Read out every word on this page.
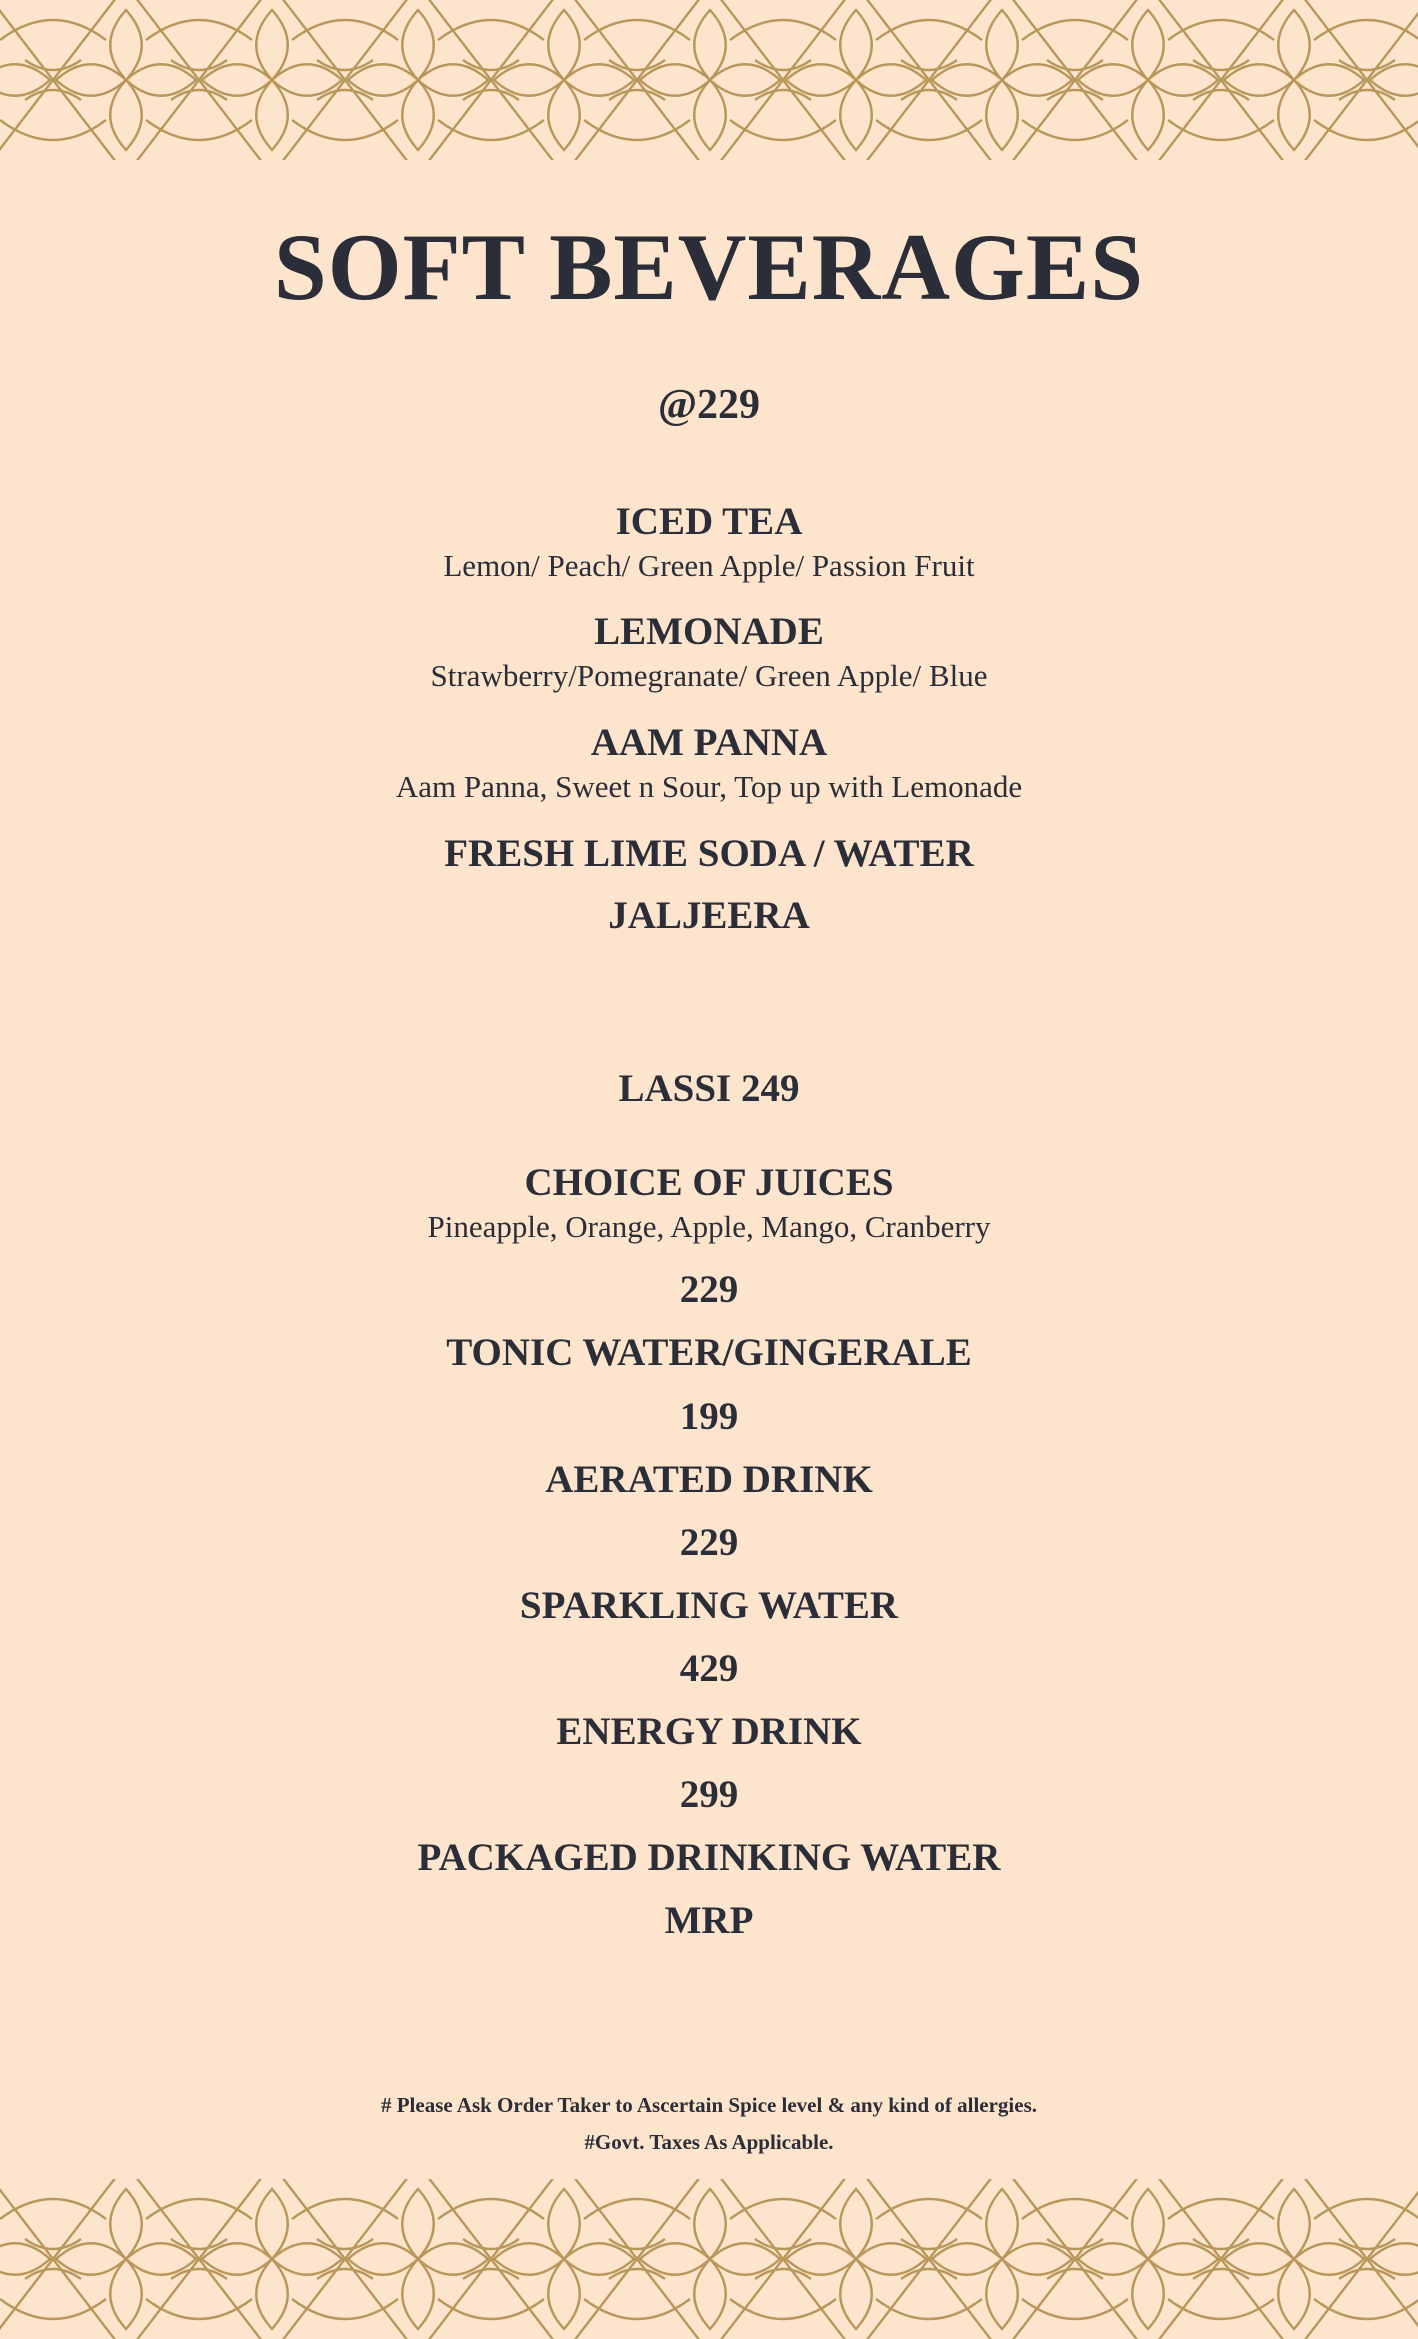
SOFT BEVERAGES
@229
ICED TEA
Lemon/ Peach/ Green Apple/ Passion Fruit
LEMONADE
Strawberry/Pomegranate/ Green Apple/ Blue
AAM PANNA
Aam Panna, Sweet n Sour, Top up with Lemonade
FRESH LIME SODA / WATER
JALJEERA
LASSI 249
CHOICE OF JUICES
Pineapple, Orange, Apple, Mango, Cranberry
229
TONIC WATER/GINGERALE
199
AERATED DRINK
229
SPARKLING WATER
429
ENERGY DRINK
299
PACKAGED DRINKING WATER
MRP
# Please Ask Order Taker to Ascertain Spice level & any kind of allergies.
#Govt. Taxes As Applicable.
